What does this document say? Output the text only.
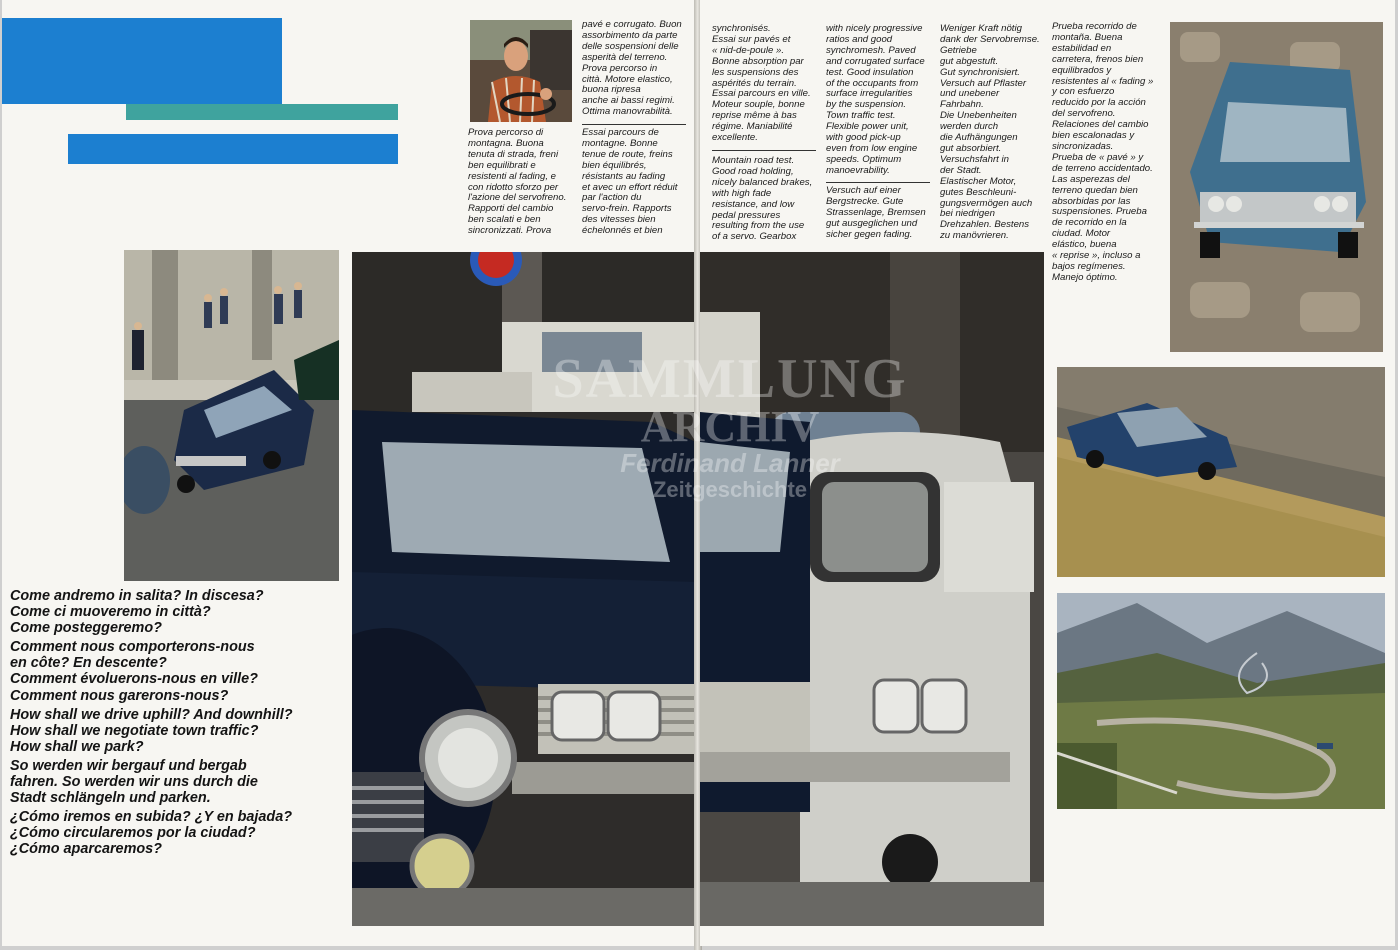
Prova percorso di
montagna. Buona
tenuta di strada, freni
ben equilibrati e
resistenti al fading, e
con ridotto sforzo per
l'azione del servofreno.
Rapporti del cambio
ben scalati e ben
sincronizzati. Prova
pavé e corrugato. Buon
assorbimento da parte
delle sospensioni delle
asperità del terreno.
Prova percorso in
città. Motore elastico,
buona ripresa
anche ai bassi regimi.
Ottima manovrabilità.
Essai parcours de
montagne. Bonne
tenue de route, freins
bien équilibrés,
résistants au fading
et avec un effort réduit
par l'action du
servo-frein. Rapports
des vitesses bien
échelonnés et bien
Come andremo in salita? In discesa?
Come ci muoveremo in città?
Come posteggeremo?
Comment nous comporterons-nous
en côte? En descente?
Comment évoluerons-nous en ville?
Comment nous garerons-nous?
How shall we drive uphill? And downhill?
How shall we negotiate town traffic?
How shall we park?
So werden wir bergauf und bergab
fahren. So werden wir uns durch die
Stadt schlängeln und parken.
¿Cómo iremos en subida? ¿Y en bajada?
¿Cómo circularemos por la ciudad?
¿Cómo aparcaremos?
synchronisés.
Essai sur pavés et
« nid-de-poule ».
Bonne absorption par
les suspensions des
aspérités du terrain.
Essai parcours en ville.
Moteur souple, bonne
reprise même à bas
régime. Maniabilité
excellente.
Mountain road test.
Good road holding,
nicely balanced brakes,
with high fade
resistance, and low
pedal pressures
resulting from the use
of a servo. Gearbox
with nicely progressive
ratios and good
synchromesh. Paved
and corrugated surface
test. Good insulation
of the occupants from
surface irregularities
by the suspension.
Town traffic test.
Flexible power unit,
with good pick-up
even from low engine
speeds. Optimum
manoevrability.
Versuch auf einer
Bergstrecke. Gute
Strassenlage, Bremsen
gut ausgeglichen und
sicher gegen fading.
Weniger Kraft nötig
dank der Servobremse.
Getriebe
gut abgestuft.
Gut synchronisiert.
Versuch auf Pflaster
und unebener
Fahrbahn.
Die Unebenheiten
werden durch
die Aufhängungen
gut absorbiert.
Versuchsfahrt in
der Stadt.
Elastischer Motor,
gutes Beschleuni-
gungsvermögen auch
bei niedrigen
Drehzahlen. Bestens
zu manövrieren.
Prueba recorrido de
montaña. Buena
estabilidad en
carretera, frenos bien
equilibrados y
resistentes al « fading »
y con esfuerzo
reducido por la acción
del servofreno.
Relaciones del cambio
bien escalonadas y
sincronizadas.
Prueba de « pavé » y
de terreno accidentado.
Las asperezas del
terreno quedan bien
absorbidas por las
suspensiones. Prueba
de recorrido en la
ciudad. Motor
elástico, buena
« reprise », incluso a
bajos regímenes.
Manejo óptimo.
SAMMLUNG
ARCHIV
Ferdinand Lanner
Zeitgeschichte
